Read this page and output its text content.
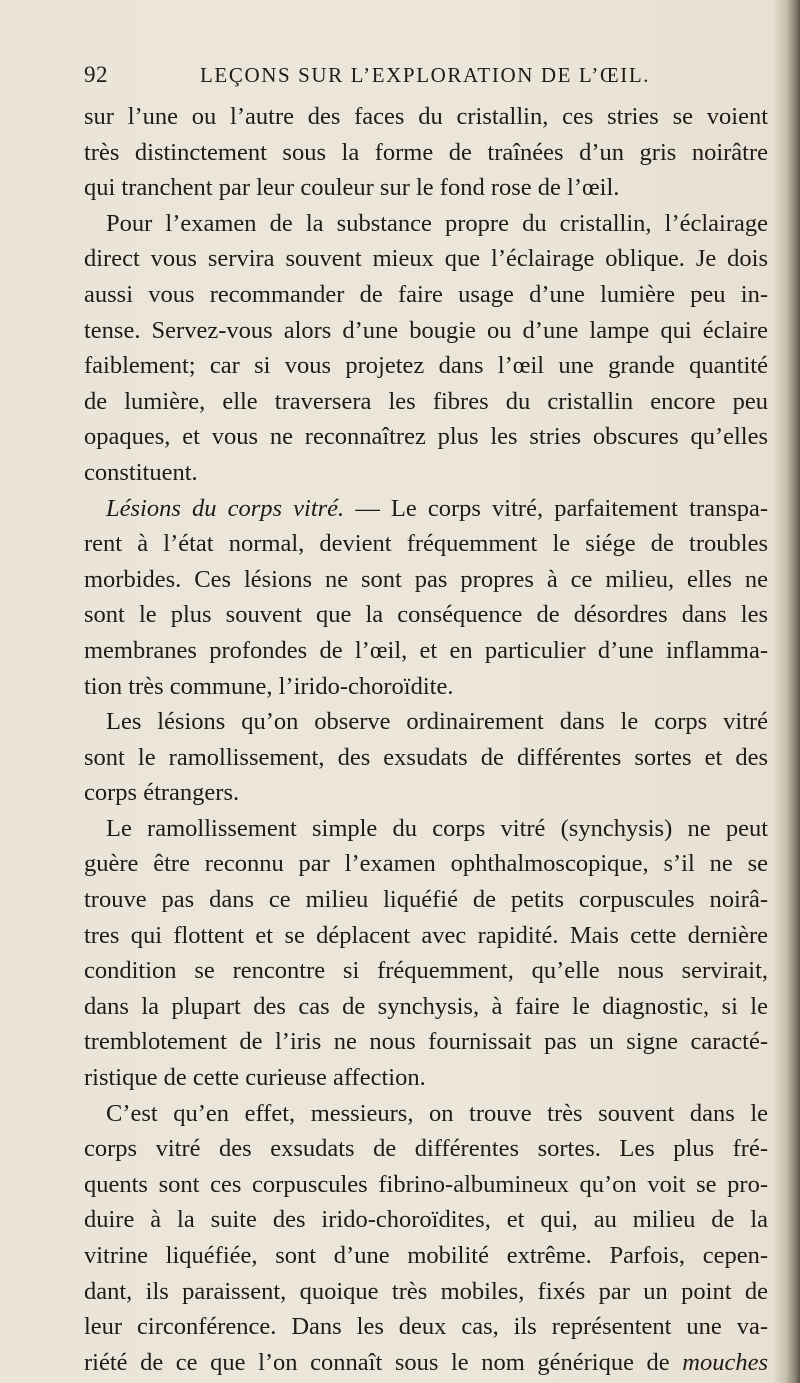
92	LEÇONS SUR L’EXPLORATION DE L’ŒIL.
sur l’une ou l’autre des faces du cristallin, ces stries se voient
très distinctement sous la forme de traînées d’un gris noirâtre
qui tranchent par leur couleur sur le fond rose de l’œil.
Pour l’examen de la substance propre du cristallin, l’éclairage
direct vous servira souvent mieux que l’éclairage oblique. Je dois
aussi vous recommander de faire usage d’une lumière peu in-
tense. Servez-vous alors d’une bougie ou d’une lampe qui éclaire
faiblement; car si vous projetez dans l’œil une grande quantité
de lumière, elle traversera les fibres du cristallin encore peu
opaques, et vous ne reconnaîtrez plus les stries obscures qu’elles
constituent.
Lésions du corps vitré. — Le corps vitré, parfaitement transpa-
rent à l’état normal, devient fréquemment le siége de troubles
morbides. Ces lésions ne sont pas propres à ce milieu, elles ne
sont le plus souvent que la conséquence de désordres dans les
membranes profondes de l’œil, et en particulier d’une inflamma-
tion très commune, l’irido-choroïdite.
Les lésions qu’on observe ordinairement dans le corps vitré
sont le ramollissement, des exsudats de différentes sortes et des
corps étrangers.
Le ramollissement simple du corps vitré (synchysis) ne peut
guère être reconnu par l’examen ophthalmoscopique, s’il ne se
trouve pas dans ce milieu liquéfié de petits corpuscules noirâ-
tres qui flottent et se déplacent avec rapidité. Mais cette dernière
condition se rencontre si fréquemment, qu’elle nous servirait,
dans la plupart des cas de synchysis, à faire le diagnostic, si le
tremblotement de l’iris ne nous fournissait pas un signe caracté-
ristique de cette curieuse affection.
C’est qu’en effet, messieurs, on trouve très souvent dans le
corps vitré des exsudats de différentes sortes. Les plus fré-
quents sont ces corpuscules fibrino-albumineux qu’on voit se pro-
duire à la suite des irido-choroïdites, et qui, au milieu de la
vitrine liquéfiée, sont d’une mobilité extrême. Parfois, cepen-
dant, ils paraissent, quoique très mobiles, fixés par un point de
leur circonférence. Dans les deux cas, ils représentent une va-
riété de ce que l’on connaît sous le nom générique de mouches
